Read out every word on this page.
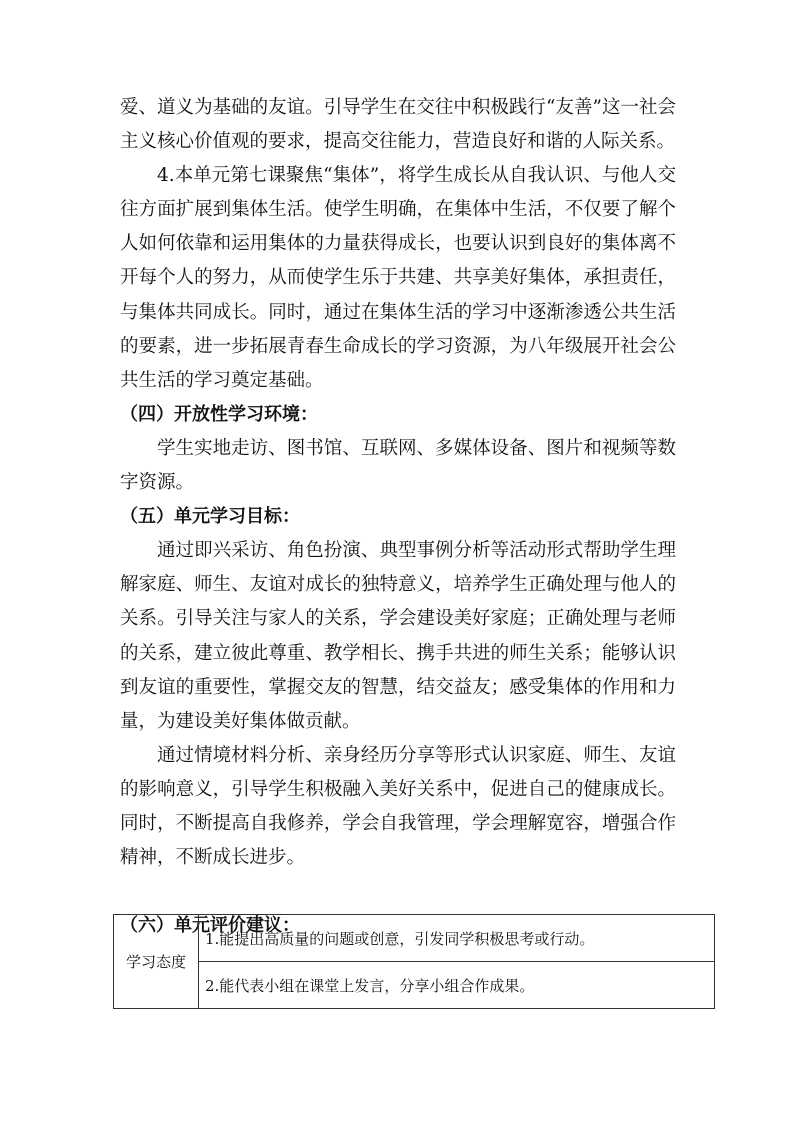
爱、道义为基础的友谊。引导学生在交往中积极践行“友善”这一社会主义核心价值观的要求，提高交往能力，营造良好和谐的人际关系。

4.本单元第七课聚焦“集体”，将学生成长从自我认识、与他人交往方面扩展到集体生活。使学生明确，在集体中生活，不仅要了解个人如何依靠和运用集体的力量获得成长，也要认识到良好的集体离不开每个人的努力，从而使学生乐于共建、共享美好集体，承担责任，与集体共同成长。同时，通过在集体生活的学习中逐渐渗透公共生活的要素，进一步拓展青春生命成长的学习资源，为八年级展开社会公共生活的学习奠定基础。

（四）开放性学习环境：

学生实地走访、图书馆、互联网、多媒体设备、图片和视频等数字资源。

（五）单元学习目标：

通过即兴采访、角色扮演、典型事例分析等活动形式帮助学生理解家庭、师生、友谊对成长的独特意义，培养学生正确处理与他人的关系。引导关注与家人的关系，学会建设美好家庭；正确处理与老师的关系，建立彼此尊重、教学相长、携手共进的师生关系；能够认识到友谊的重要性，掌握交友的智慧，结交益友；感受集体的作用和力量，为建设美好集体做贡献。

通过情境材料分析、亲身经历分享等形式认识家庭、师生、友谊的影响意义，引导学生积极融入美好关系中，促进自己的健康成长。同时，不断提高自我修养，学会自我管理，学会理解宽容，增强合作精神，不断成长进步。

（六）单元评价建议：

学习态度	1.能提出高质量的问题或创意，引发同学积极思考或行动。
2.能代表小组在课堂上发言，分享小组合作成果。
